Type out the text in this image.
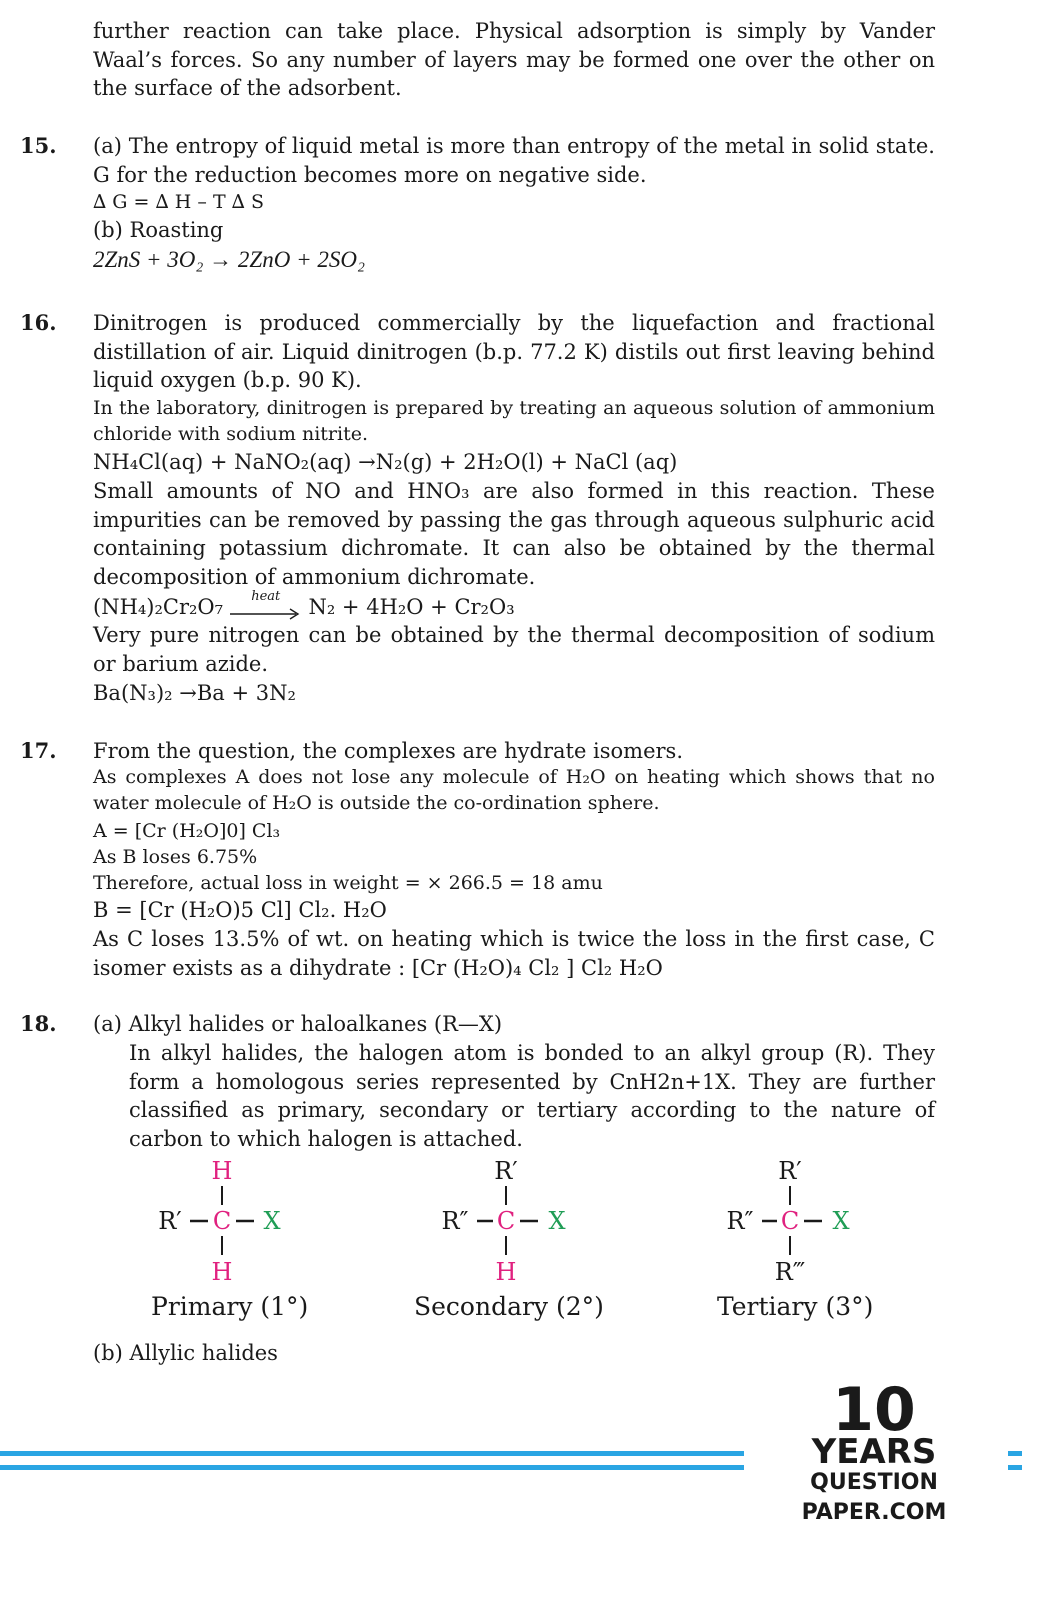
further reaction can take place. Physical adsorption is simply by Vander Waal’s forces. So any number of layers may be formed one over the other on the surface of the adsorbent.
15. (a) The entropy of liquid metal is more than entropy of the metal in solid state. G for the reduction becomes more on negative side.
∆ G = ∆ H – T ∆ S
(b) Roasting
2ZnS + 3O₂ → 2ZnO + 2SO₂
16. Dinitrogen is produced commercially by the liquefaction and fractional distillation of air. Liquid dinitrogen (b.p. 77.2 K) distils out first leaving behind liquid oxygen (b.p. 90 K).
In the laboratory, dinitrogen is prepared by treating an aqueous solution of ammonium chloride with sodium nitrite.
NH₄Cl(aq) + NaNO₂(aq) →N₂(g) + 2H₂O(l) + NaCl (aq)
Small amounts of NO and HNO₃ are also formed in this reaction. These impurities can be removed by passing the gas through aqueous sulphuric acid containing potassium dichromate. It can also be obtained by the thermal decomposition of ammonium dichromate.
(NH₄)₂Cr₂O₇	heat	N₂ + 4H₂O + Cr₂O₃
Very pure nitrogen can be obtained by the thermal decomposition of sodium or barium azide.
Ba(N₃)₂ →Ba + 3N₂
17. From the question, the complexes are hydrate isomers.
As complexes A does not lose any molecule of H₂O on heating which shows that no water molecule of H₂O is outside the co-ordination sphere.
A = [Cr (H₂O]0] Cl₃
As B loses 6.75%
Therefore, actual loss in weight = × 266.5 = 18 amu
B = [Cr (H₂O)5 Cl] Cl₂. H₂O
As C loses 13.5% of wt. on heating which is twice the loss in the first case, C isomer exists as a dihydrate : [Cr (H₂O)₄ Cl₂ ] Cl₂ H₂O
18. (a) Alkyl halides or haloalkanes (R—X)
In alkyl halides, the halogen atom is bonded to an alkyl group (R). They form a homologous series represented by CnH2n+1X. They are further classified as primary, secondary or tertiary according to the nature of carbon to which halogen is attached.
H
R′ C X
H
Primary (1°)
R′
R″ C X
H
Secondary (2°)
R′
R″ C X
R‴
Tertiary (3°)
(b) Allylic halides
10
YEARS
QUESTION PAPER.COM
